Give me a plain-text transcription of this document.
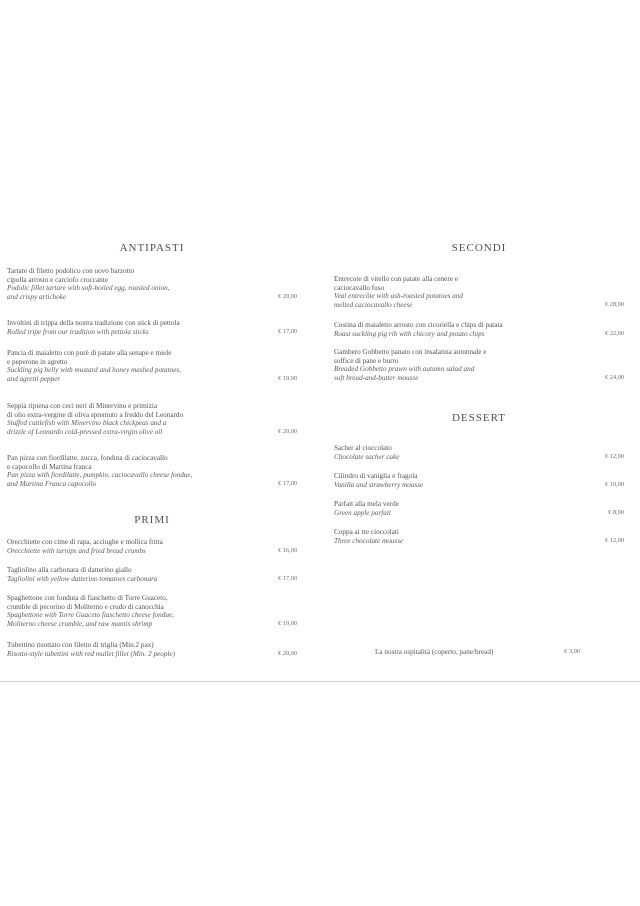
ANTIPASTI
Tartare di filetto podolico con uovo barzotto
cipolla arrosto e carciofo croccante
Podolic fillet tartare with soft-boiled egg, roasted onion,
and crispy artichoke	€ 20,00
Involtini di trippa della nostra tradizione con stick di pettola
Rolled tripe from our tradition with pettola sticks	€ 17,00
Pancia di maialetto con purè di patate alla senape e miele
e peperone in agretto
Suckling pig belly with mustard and honey mashed potatoes,
and agretti pepper	€ 19,00
Seppia ripiena con ceci neri di Minervino e primizia
di olio extra-vergine di oliva spremuto a freddo del Leonardo
Stuffed cuttlefish with Minervino black chickpeas and a
drizzle of Leonardo cold-pressed extra-virgin olive oil	€ 20,00
Pan pizza con fiordilatte, zucca, fonduta di caciocavallo
e capocollo di Martina franca
Pan pizza with fiordilatte, pumpkin, caciocavallo cheese fondue,
and Martina Franca capocollo	€ 17,00
PRIMI
Orecchiette con cime di rapa, acciughe e mollica fritta
Orecchiette with turnips and fried bread crumbs	€ 16,00
Tagliolino alla carbonara di datterino giallo
Tagliolini with yellow datterino tomatoes carbonara	€ 17,00
Spaghettone con fonduta di fiaschetto di Torre Guaceto,
crumble di pecorino di Moliterno e crudo di canocchia
Spaghettone with Torre Guaceto fiaschetto cheese fondue,
Moliterno cheese crumble, and raw mantis shrimp	€ 19,00
Tubettino risottato con filetto di triglia (Min.2 pax)
Risotto-style tubettini with red mullet fillet (Min. 2 people)	€ 20,00
SECONDI
Entrecote di vitello con patate alla cenere e
caciocavallo fuso
Veal entrecôte with ash-roasted potatoes and
melted caciocavallo cheese	€ 28,00
Costina di maialetto arrosto con cicoriella e chips di patata
Roast suckling pig rib with chicory and potato chips	€ 22,00
Gambero Gobbetto panato con insalatina autunnale e
soffice di pane e burro
Breaded Gobbetto prawn with autumn salad and
soft bread-and-butter mousse	€ 24,00
DESSERT
Sacher al cioccolato
Chocolate sacher cake	€ 12,00
Cilindro di vaniglia e fragola
Vanilla and strawberry mousse	€ 10,00
Parfait alla mela verde
Green apple parfait	€ 8,00
Coppa ai tre cioccolati
Three chocolate mousse	€ 12,00
La nostra ospitalità (coperto, pane/bread)	€ 3,00
